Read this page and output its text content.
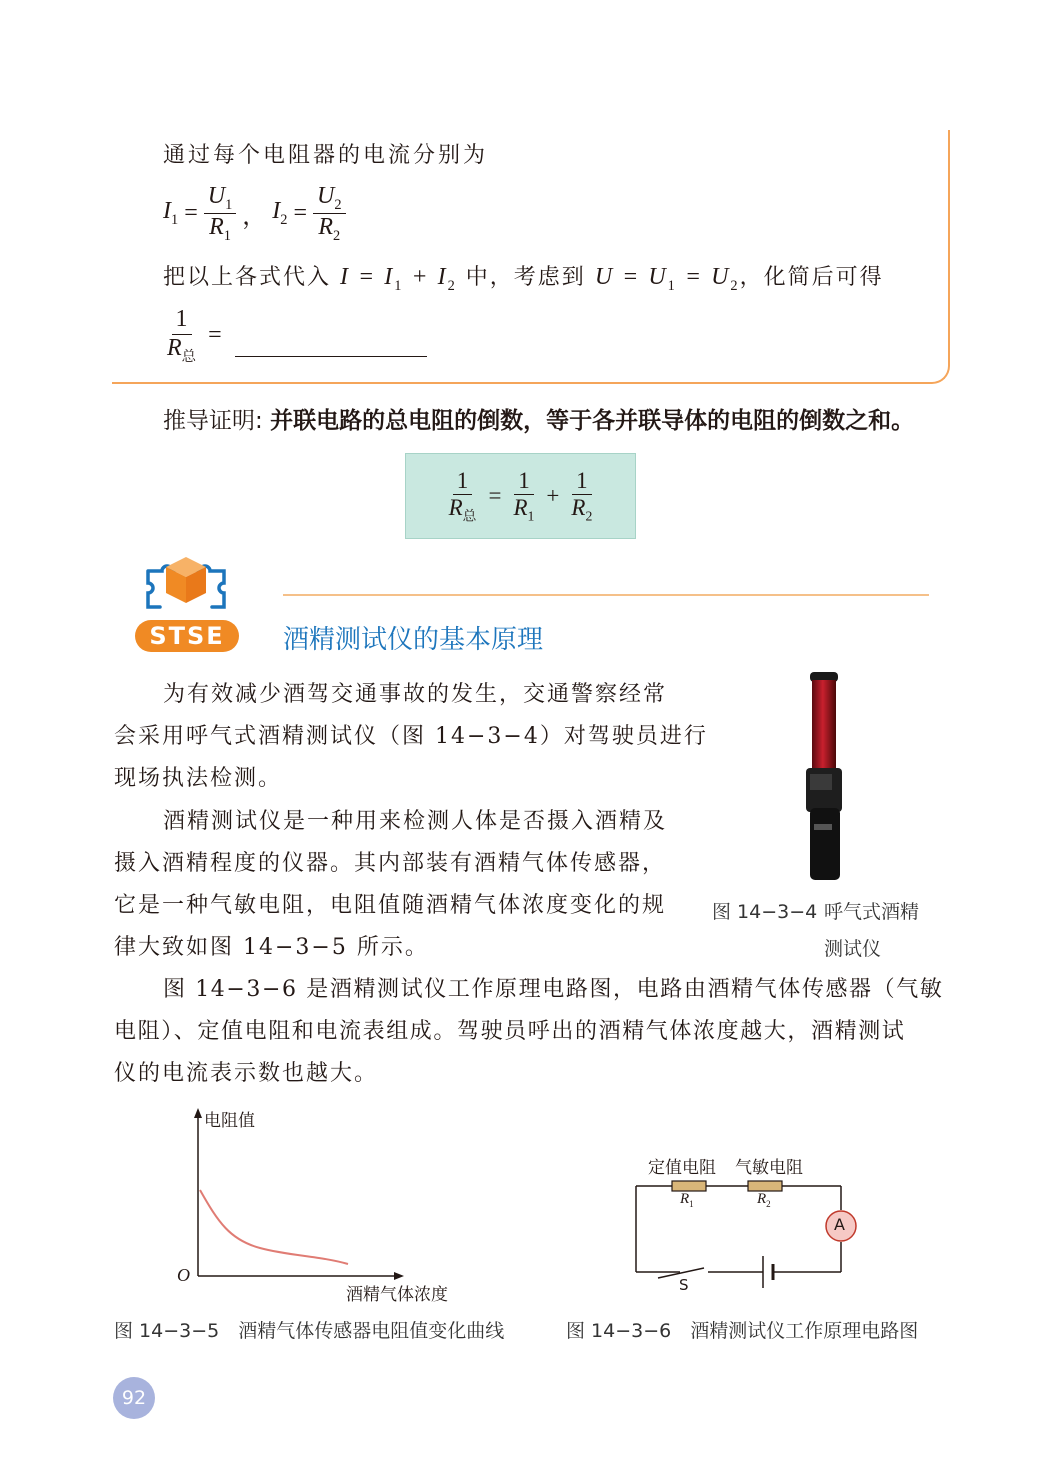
通过每个电阻器的电流分别为
$I_1 = \frac{U_1}{R_1}$ ， $I_2 = \frac{U_2}{R_2}$
把以上各式代入 $I = I_1 + I_2$ 中，考虑到 $U = U_1 = U_2$，化简后可得
$\frac{1}{R_总}$ =
推导证明: 并联电路的总电阻的倒数，等于各并联导体的电阻的倒数之和。
$\frac{1}{R_总} = \frac{1}{R_1} + \frac{1}{R_2}$
STSE	酒精测试仪的基本原理
为有效减少酒驾交通事故的发生，交通警察经常
会采用呼气式酒精测试仪（图 14−3−4）对驾驶员进行
现场执法检测。
酒精测试仪是一种用来检测人体是否摄入酒精及
摄入酒精程度的仪器。其内部装有酒精气体传感器，
它是一种气敏电阻，电阻值随酒精气体浓度变化的规
律大致如图 14−3−5 所示。
图 14−3−6 是酒精测试仪工作原理电路图，电路由酒精气体传感器（气敏
电阻）、定值电阻和电流表组成。驾驶员呼出的酒精气体浓度越大，酒精测试
仪的电流表示数也越大。
图 14−3−4 呼气式酒精
测试仪
电阻值
O
酒精气体浓度
图 14−3−5　酒精气体传感器电阻值变化曲线
A
定值电阻 气敏电阻
$R_1$	$R_2$
S
图 14−3−6　酒精测试仪工作原理电路图
92
